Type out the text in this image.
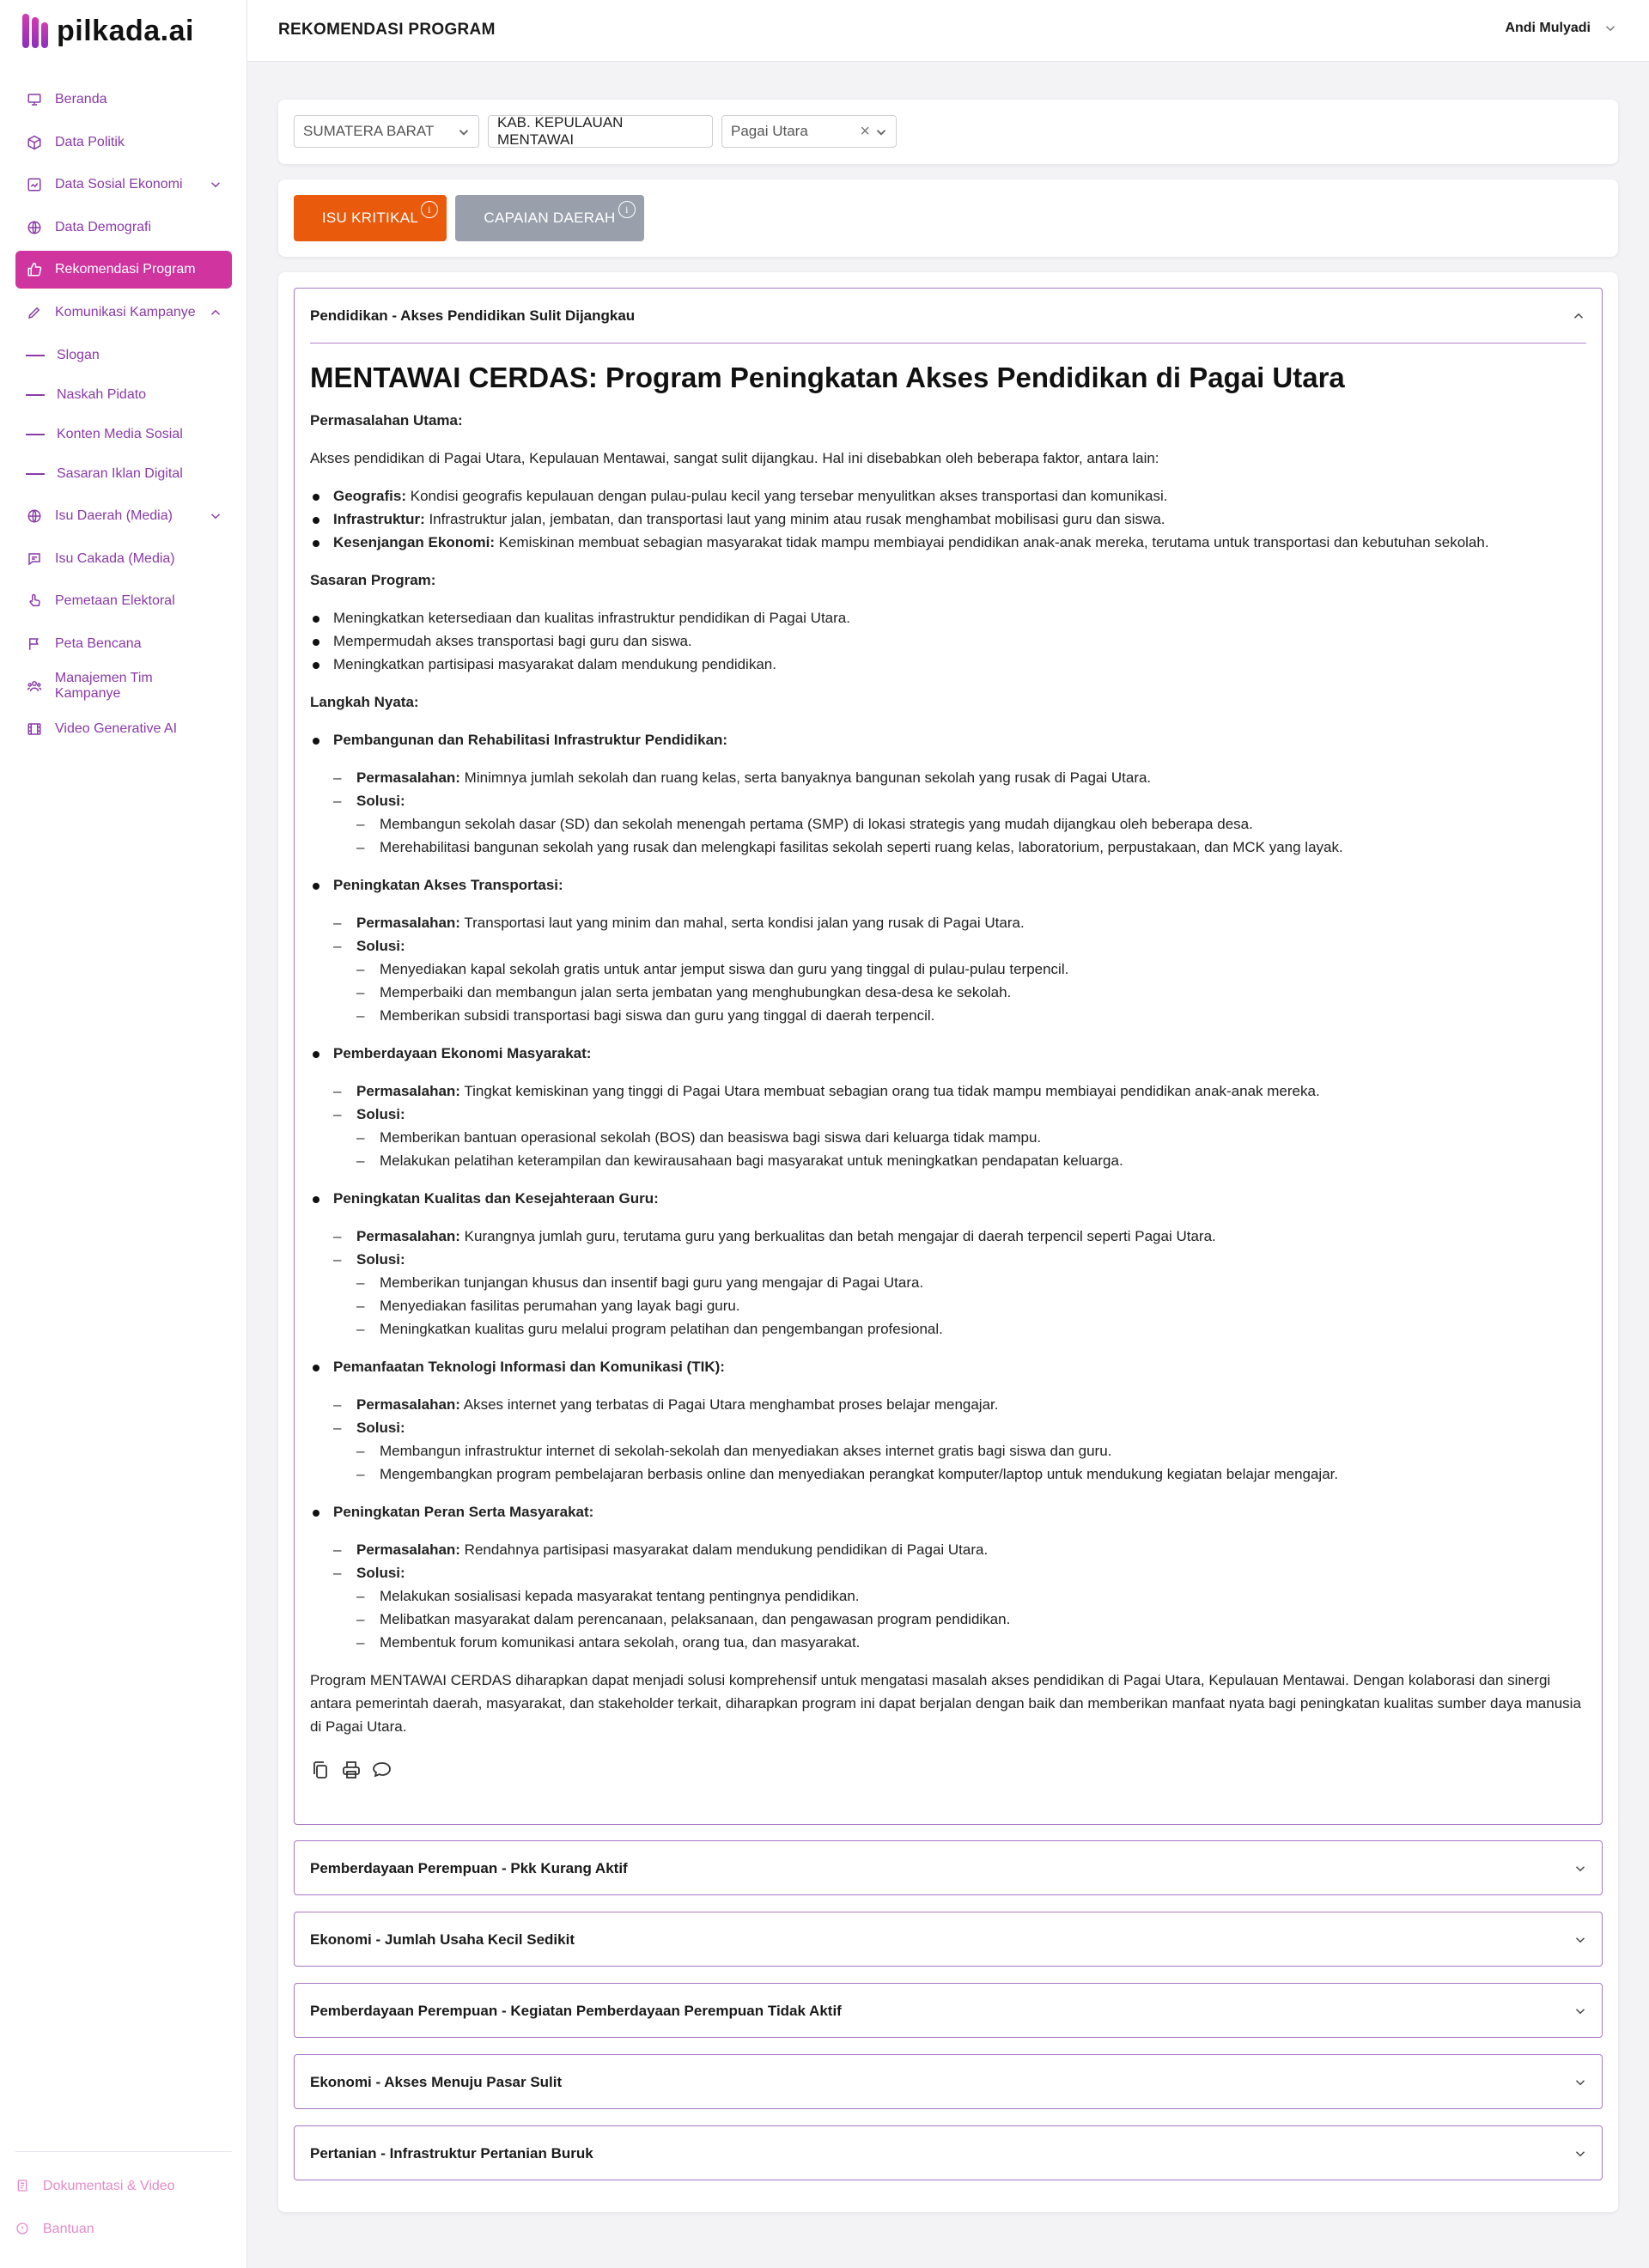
pilkada.ai
Beranda
Data Politik
Data Sosial Ekonomi
Data Demografi
Rekomendasi Program
Komunikasi Kampanye
Slogan
Naskah Pidato
Konten Media Sosial
Sasaran Iklan Digital
Isu Daerah (Media)
Isu Cakada (Media)
Pemetaan Elektoral
Peta Bencana
Manajemen Tim Kampanye
Video Generative AI
Dokumentasi & Video
Bantuan
REKOMENDASI PROGRAM	Andi Mulyadi
SUMATERA BARAT
KAB. KEPULAUAN MENTAWAI
Pagai Utara	×
ISU KRITIKAL
i
CAPAIAN DAERAH
i
Pendidikan - Akses Pendidikan Sulit Dijangkau
MENTAWAI CERDAS: Program Peningkatan Akses Pendidikan di Pagai Utara
Permasalahan Utama:

Akses pendidikan di Pagai Utara, Kepulauan Mentawai, sangat sulit dijangkau. Hal ini disebabkan oleh beberapa faktor, antara lain:

Geografis: Kondisi geografis kepulauan dengan pulau-pulau kecil yang tersebar menyulitkan akses transportasi dan komunikasi.
Infrastruktur: Infrastruktur jalan, jembatan, dan transportasi laut yang minim atau rusak menghambat mobilisasi guru dan siswa.
Kesenjangan Ekonomi: Kemiskinan membuat sebagian masyarakat tidak mampu membiayai pendidikan anak-anak mereka, terutama untuk transportasi dan kebutuhan sekolah.
Sasaran Program:
Meningkatkan ketersediaan dan kualitas infrastruktur pendidikan di Pagai Utara.
Mempermudah akses transportasi bagi guru dan siswa.
Meningkatkan partisipasi masyarakat dalam mendukung pendidikan.
Langkah Nyata:
Pembangunan dan Rehabilitasi Infrastruktur Pendidikan:
– Permasalahan: Minimnya jumlah sekolah dan ruang kelas, serta banyaknya bangunan sekolah yang rusak di Pagai Utara.
– Solusi:
– Membangun sekolah dasar (SD) dan sekolah menengah pertama (SMP) di lokasi strategis yang mudah dijangkau oleh beberapa desa.
– Merehabilitasi bangunan sekolah yang rusak dan melengkapi fasilitas sekolah seperti ruang kelas, laboratorium, perpustakaan, dan MCK yang layak.
Peningkatan Akses Transportasi:
– Permasalahan: Transportasi laut yang minim dan mahal, serta kondisi jalan yang rusak di Pagai Utara.
– Solusi:
– Menyediakan kapal sekolah gratis untuk antar jemput siswa dan guru yang tinggal di pulau-pulau terpencil.
– Memperbaiki dan membangun jalan serta jembatan yang menghubungkan desa-desa ke sekolah.
– Memberikan subsidi transportasi bagi siswa dan guru yang tinggal di daerah terpencil.
Pemberdayaan Ekonomi Masyarakat:
– Permasalahan: Tingkat kemiskinan yang tinggi di Pagai Utara membuat sebagian orang tua tidak mampu membiayai pendidikan anak-anak mereka.
– Solusi:
– Memberikan bantuan operasional sekolah (BOS) dan beasiswa bagi siswa dari keluarga tidak mampu.
– Melakukan pelatihan keterampilan dan kewirausahaan bagi masyarakat untuk meningkatkan pendapatan keluarga.
Peningkatan Kualitas dan Kesejahteraan Guru:
– Permasalahan: Kurangnya jumlah guru, terutama guru yang berkualitas dan betah mengajar di daerah terpencil seperti Pagai Utara.
– Solusi:
– Memberikan tunjangan khusus dan insentif bagi guru yang mengajar di Pagai Utara.
– Menyediakan fasilitas perumahan yang layak bagi guru.
– Meningkatkan kualitas guru melalui program pelatihan dan pengembangan profesional.
Pemanfaatan Teknologi Informasi dan Komunikasi (TIK):
– Permasalahan: Akses internet yang terbatas di Pagai Utara menghambat proses belajar mengajar.
– Solusi:
– Membangun infrastruktur internet di sekolah-sekolah dan menyediakan akses internet gratis bagi siswa dan guru.
– Mengembangkan program pembelajaran berbasis online dan menyediakan perangkat komputer/laptop untuk mendukung kegiatan belajar mengajar.
Peningkatan Peran Serta Masyarakat:
– Permasalahan: Rendahnya partisipasi masyarakat dalam mendukung pendidikan di Pagai Utara.
– Solusi:
– Melakukan sosialisasi kepada masyarakat tentang pentingnya pendidikan.
– Melibatkan masyarakat dalam perencanaan, pelaksanaan, dan pengawasan program pendidikan.
– Membentuk forum komunikasi antara sekolah, orang tua, dan masyarakat.

Program MENTAWAI CERDAS diharapkan dapat menjadi solusi komprehensif untuk mengatasi masalah akses pendidikan di Pagai Utara, Kepulauan Mentawai. Dengan kolaborasi dan sinergi antara pemerintah daerah, masyarakat, dan stakeholder terkait, diharapkan program ini dapat berjalan dengan baik dan memberikan manfaat nyata bagi peningkatan kualitas sumber daya manusia di Pagai Utara.

Pemberdayaan Perempuan - Pkk Kurang Aktif
Ekonomi - Jumlah Usaha Kecil Sedikit
Pemberdayaan Perempuan - Kegiatan Pemberdayaan Perempuan Tidak Aktif
Ekonomi - Akses Menuju Pasar Sulit
Pertanian - Infrastruktur Pertanian Buruk
